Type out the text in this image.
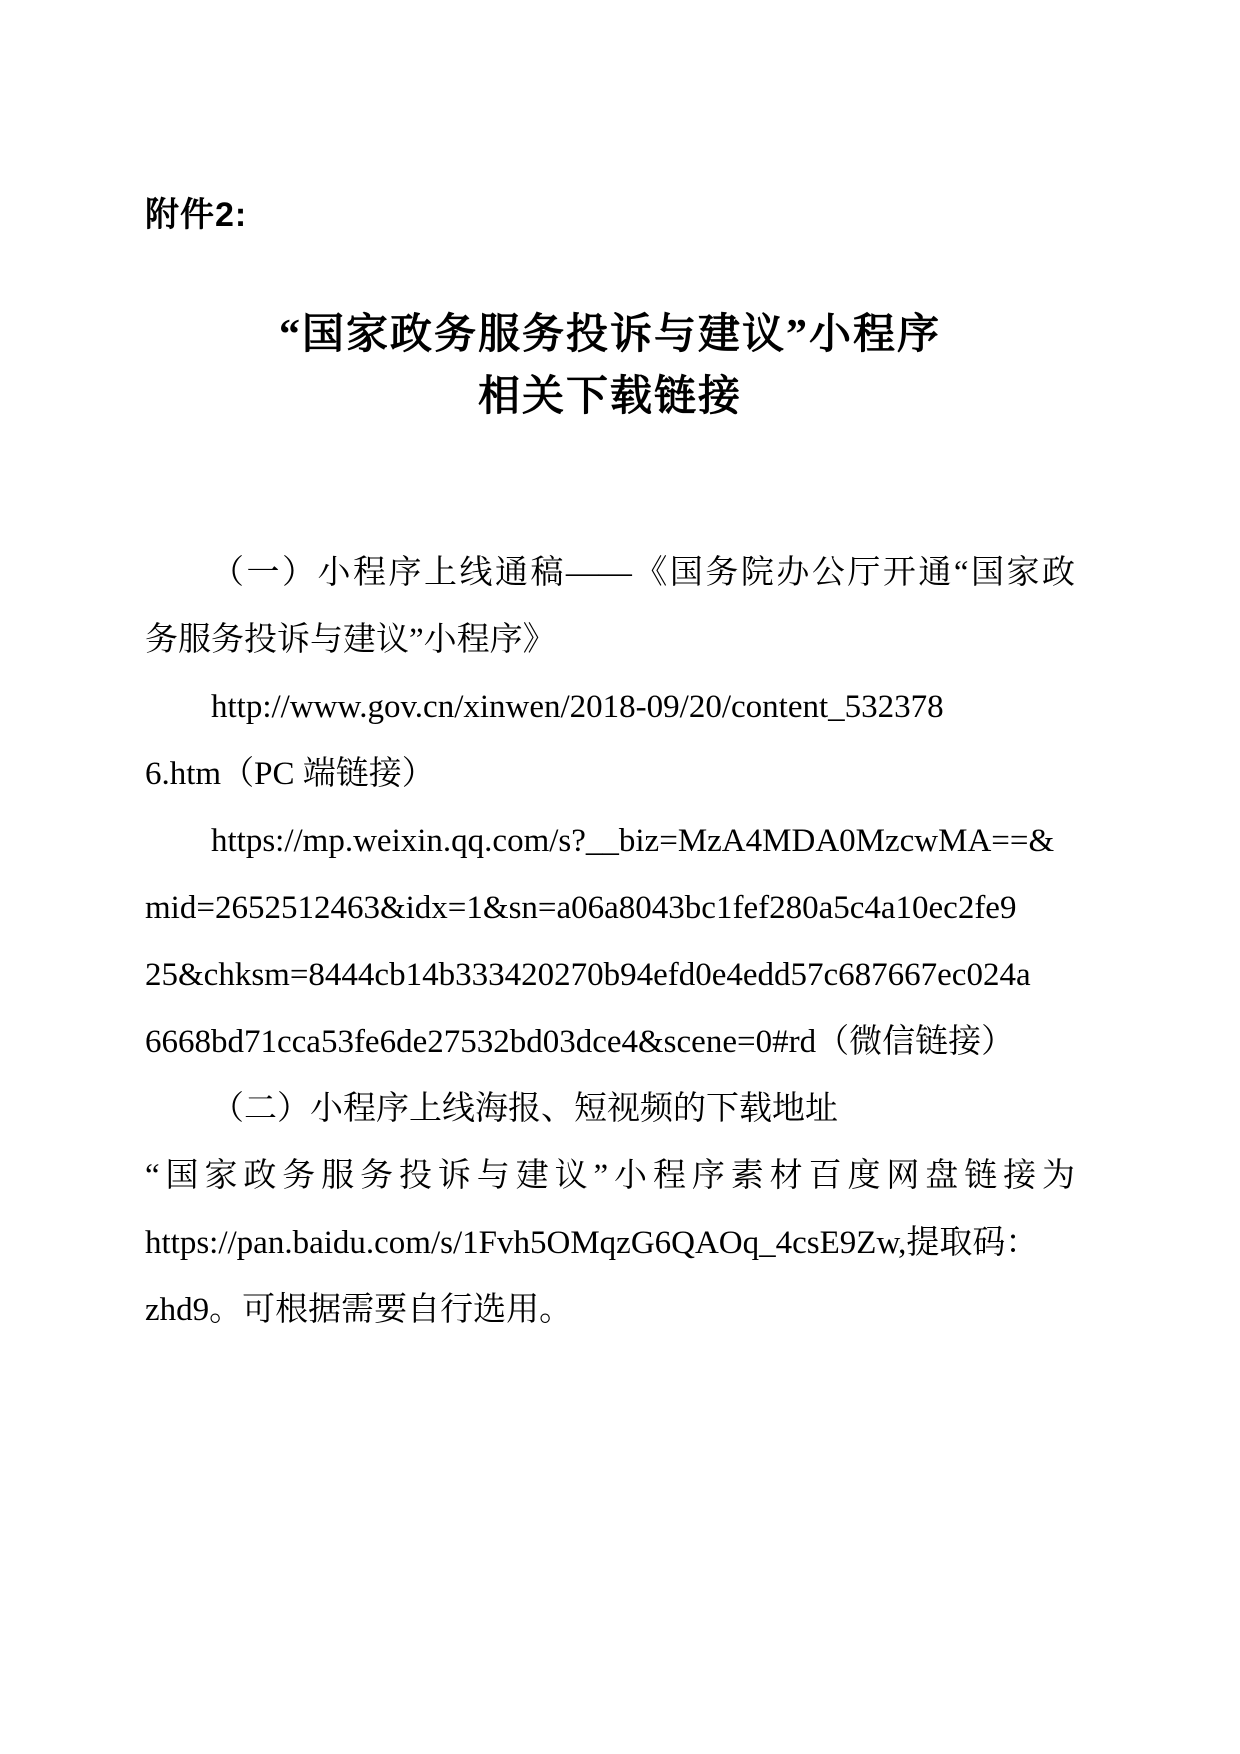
附件2:
“国家政务服务投诉与建议”小程序
相关下载链接
（一）小程序上线通稿——《国务院办公厅开通“国家政
务服务投诉与建议”小程序》
http://www.gov.cn/xinwen/2018-09/20/content_532378
6.htm（PC 端链接）
https://mp.weixin.qq.com/s?__biz=MzA4MDA0MzcwMA==&
mid=2652512463&idx=1&sn=a06a8043bc1fef280a5c4a10ec2fe9
25&chksm=8444cb14b333420270b94efd0e4edd57c687667ec024a
6668bd71cca53fe6de27532bd03dce4&scene=0#rd（微信链接）
（二）小程序上线海报、短视频的下载地址
“国家政务服务投诉与建议”小程序素材百度网盘链接为
https://pan.baidu.com/s/1Fvh5OMqzG6QAOq_4csE9Zw,提取码：
zhd9。可根据需要自行选用。
